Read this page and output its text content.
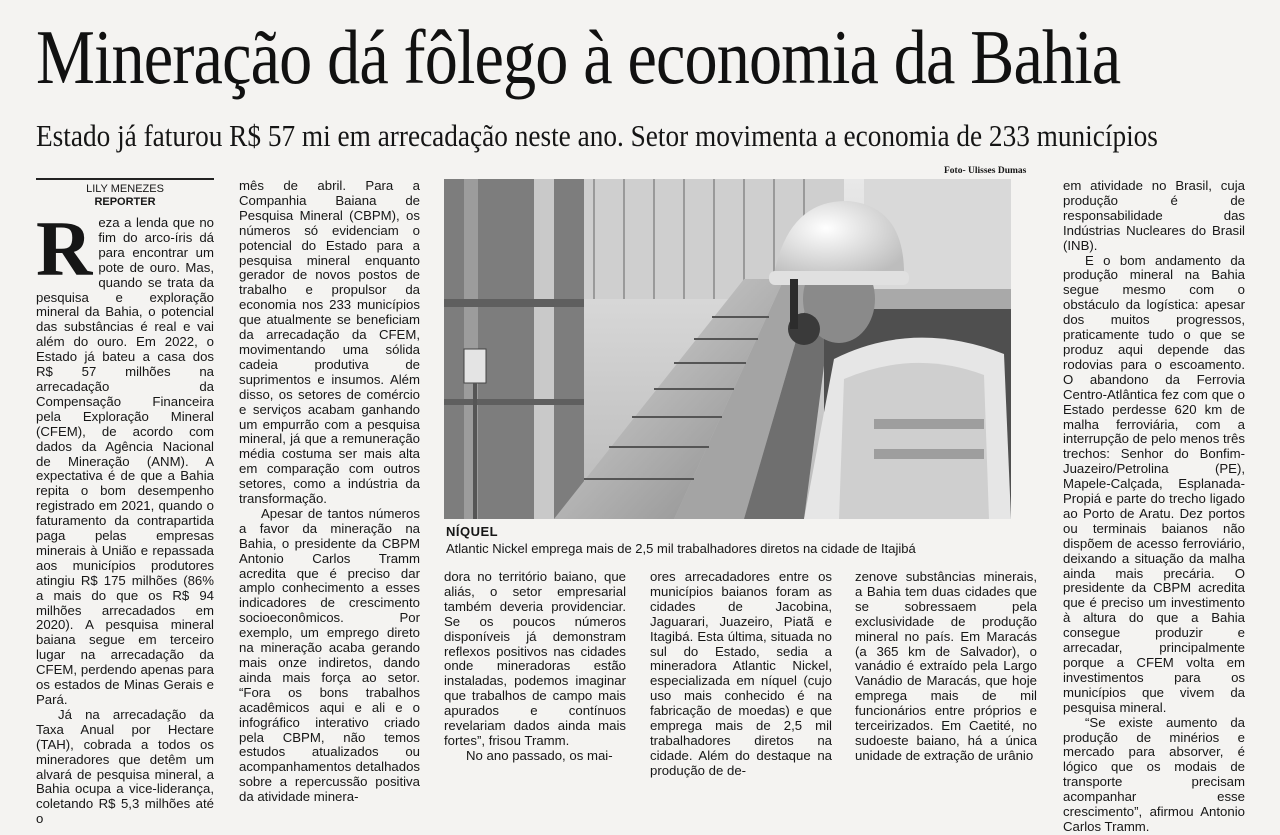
Mineração dá fôlego à economia da Bahia
Estado já faturou R$ 57 mi em arrecadação neste ano. Setor movimenta a economia de 233 municípios
LILY MENEZES
REPORTER

Reza a lenda que no fim do arco-íris dá para encontrar um pote de ouro. Mas, quando se trata da pesquisa e exploração mineral da Bahia, o potencial das substâncias é real e vai além do ouro. Em 2022, o Estado já bateu a casa dos R$ 57 milhões na arrecadação da Compensação Financeira pela Exploração Mineral (CFEM), de acordo com dados da Agência Nacional de Mineração (ANM). A expectativa é de que a Bahia repita o bom desempenho registrado em 2021, quando o faturamento da contrapartida paga pelas empresas minerais à União e repassada aos municípios produtores atingiu R$ 175 milhões (86% a mais do que os R$ 94 milhões arrecadados em 2020). A pesquisa mineral baiana segue em terceiro lugar na arrecadação da CFEM, perdendo apenas para os estados de Minas Gerais e Pará.

Já na arrecadação da Taxa Anual por Hectare (TAH), cobrada a todos os mineradores que detêm um alvará de pesquisa mineral, a Bahia ocupa a vice-liderança, coletando R$ 5,3 milhões até o

mês de abril. Para a Companhia Baiana de Pesquisa Mineral (CBPM), os números só evidenciam o potencial do Estado para a pesquisa mineral enquanto gerador de novos postos de trabalho e propulsor da economia nos 233 municípios que atualmente se beneficiam da arrecadação da CFEM, movimentando uma sólida cadeia produtiva de suprimentos e insumos. Além disso, os setores de comércio e serviços acabam ganhando um empurrão com a pesquisa mineral, já que a remuneração média costuma ser mais alta em comparação com outros setores, como a indústria da transformação.

Apesar de tantos números a favor da mineração na Bahia, o presidente da CBPM Antonio Carlos Tramm acredita que é preciso dar amplo conhecimento a esses indicadores de crescimento socioeconômicos. Por exemplo, um emprego direto na mineração acaba gerando mais onze indiretos, dando ainda mais força ao setor. “Fora os bons trabalhos acadêmicos aqui e ali e o infográfico interativo criado pela CBPM, não temos estudos atualizados ou acompanhamentos detalhados sobre a repercussão positiva da atividade minera-

Foto- Ulisses Dumas
NÍQUEL
Atlantic Nickel emprega mais de 2,5 mil trabalhadores diretos na cidade de Itajibá

dora no território baiano, que aliás, o setor empresarial também deveria providenciar. Se os poucos números disponíveis já demonstram reflexos positivos nas cidades onde mineradoras estão instaladas, podemos imaginar que trabalhos de campo mais apurados e contínuos revelariam dados ainda mais fortes”, frisou Tramm.

No ano passado, os mai-

ores arrecadadores entre os municípios baianos foram as cidades de Jacobina, Jaguarari, Juazeiro, Piatã e Itagibá. Esta última, situada no sul do Estado, sedia a mineradora Atlantic Nickel, especializada em níquel (cujo uso mais conhecido é na fabricação de moedas) e que emprega mais de 2,5 mil trabalhadores diretos na cidade. Além do destaque na produção de de-

zenove substâncias minerais, a Bahia tem duas cidades que se sobressaem pela exclusividade de produção mineral no país. Em Maracás (a 365 km de Salvador), o vanádio é extraído pela Largo Vanádio de Maracás, que hoje emprega mais de mil funcionários entre próprios e terceirizados. Em Caetité, no sudoeste baiano, há a única unidade de extração de urânio

em atividade no Brasil, cuja produção é de responsabilidade das Indústrias Nucleares do Brasil (INB).

E o bom andamento da produção mineral na Bahia segue mesmo com o obstáculo da logística: apesar dos muitos progressos, praticamente tudo o que se produz aqui depende das rodovias para o escoamento. O abandono da Ferrovia Centro-Atlântica fez com que o Estado perdesse 620 km de malha ferroviária, com a interrupção de pelo menos três trechos: Senhor do Bonfim-Juazeiro/Petrolina (PE), Mapele-Calçada, Esplanada-Propiá e parte do trecho ligado ao Porto de Aratu. Dez portos ou terminais baianos não dispõem de acesso ferroviário, deixando a situação da malha ainda mais precária. O presidente da CBPM acredita que é preciso um investimento à altura do que a Bahia consegue produzir e arrecadar, principalmente porque a CFEM volta em investimentos para os municípios que vivem da pesquisa mineral.

“Se existe aumento da produção de minérios e mercado para absorver, é lógico que os modais de transporte precisam acompanhar esse crescimento”, afirmou Antonio Carlos Tramm.
